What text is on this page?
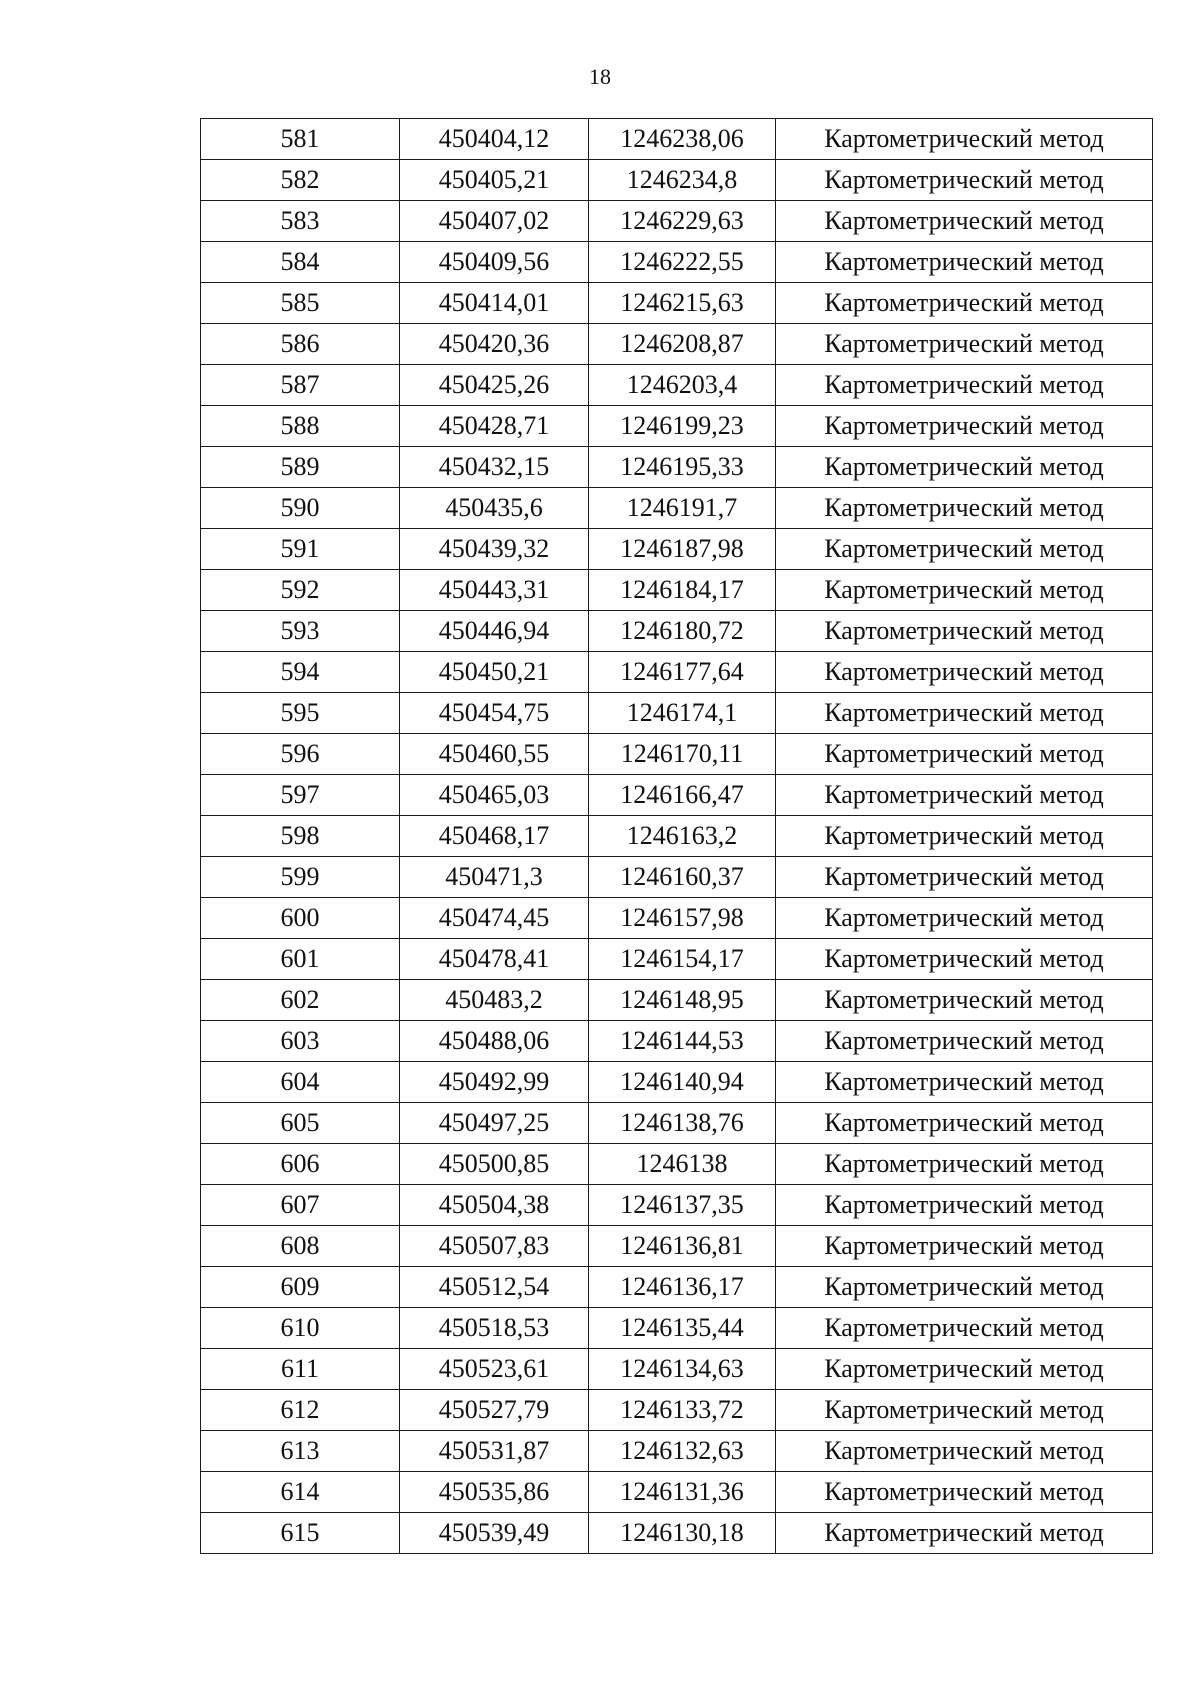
18
581	450404,12	1246238,06	Картометрический метод
582	450405,21	1246234,8	Картометрический метод
583	450407,02	1246229,63	Картометрический метод
584	450409,56	1246222,55	Картометрический метод
585	450414,01	1246215,63	Картометрический метод
586	450420,36	1246208,87	Картометрический метод
587	450425,26	1246203,4	Картометрический метод
588	450428,71	1246199,23	Картометрический метод
589	450432,15	1246195,33	Картометрический метод
590	450435,6	1246191,7	Картометрический метод
591	450439,32	1246187,98	Картометрический метод
592	450443,31	1246184,17	Картометрический метод
593	450446,94	1246180,72	Картометрический метод
594	450450,21	1246177,64	Картометрический метод
595	450454,75	1246174,1	Картометрический метод
596	450460,55	1246170,11	Картометрический метод
597	450465,03	1246166,47	Картометрический метод
598	450468,17	1246163,2	Картометрический метод
599	450471,3	1246160,37	Картометрический метод
600	450474,45	1246157,98	Картометрический метод
601	450478,41	1246154,17	Картометрический метод
602	450483,2	1246148,95	Картометрический метод
603	450488,06	1246144,53	Картометрический метод
604	450492,99	1246140,94	Картометрический метод
605	450497,25	1246138,76	Картометрический метод
606	450500,85	1246138	Картометрический метод
607	450504,38	1246137,35	Картометрический метод
608	450507,83	1246136,81	Картометрический метод
609	450512,54	1246136,17	Картометрический метод
610	450518,53	1246135,44	Картометрический метод
611	450523,61	1246134,63	Картометрический метод
612	450527,79	1246133,72	Картометрический метод
613	450531,87	1246132,63	Картометрический метод
614	450535,86	1246131,36	Картометрический метод
615	450539,49	1246130,18	Картометрический метод
